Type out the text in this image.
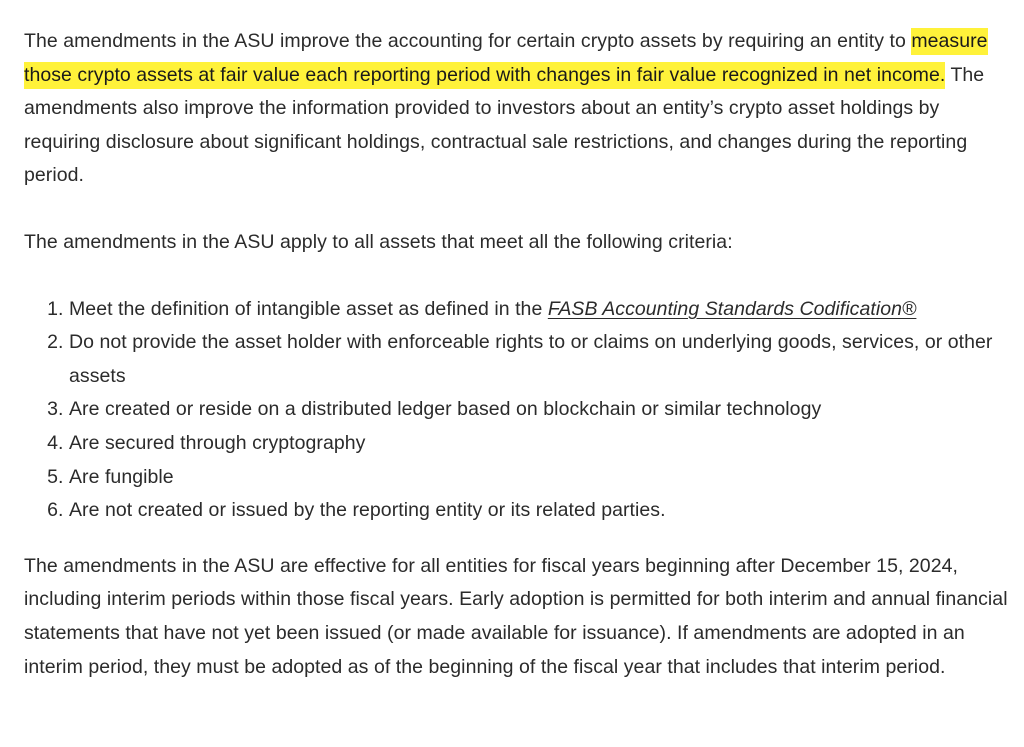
The amendments in the ASU improve the accounting for certain crypto assets by requiring an entity to measure those crypto assets at fair value each reporting period with changes in fair value recognized in net income. The amendments also improve the information provided to investors about an entity’s crypto asset holdings by requiring disclosure about significant holdings, contractual sale restrictions, and changes during the reporting period.

The amendments in the ASU apply to all assets that meet all the following criteria:

1. Meet the definition of intangible asset as defined in the FASB Accounting Standards Codification®
2. Do not provide the asset holder with enforceable rights to or claims on underlying goods, services, or other assets
3. Are created or reside on a distributed ledger based on blockchain or similar technology
4. Are secured through cryptography
5. Are fungible
6. Are not created or issued by the reporting entity or its related parties.

The amendments in the ASU are effective for all entities for fiscal years beginning after December 15, 2024, including interim periods within those fiscal years. Early adoption is permitted for both interim and annual financial statements that have not yet been issued (or made available for issuance). If amendments are adopted in an interim period, they must be adopted as of the beginning of the fiscal year that includes that interim period.
